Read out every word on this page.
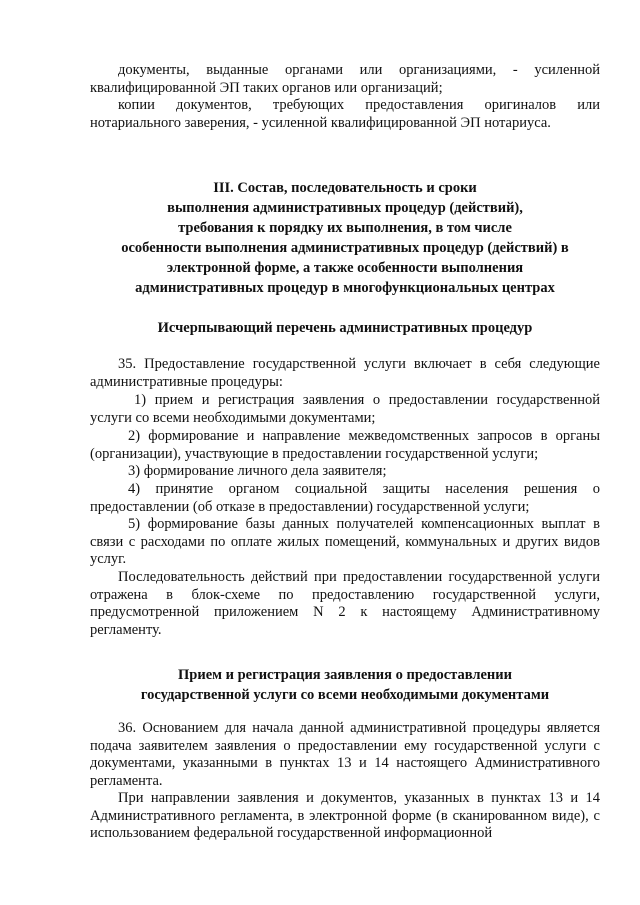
документы, выданные органами или организациями, - усиленной квалифицированной ЭП таких органов или организаций;

копии документов, требующих предоставления оригиналов или нотариального заверения, - усиленной квалифицированной ЭП нотариуса.

III. Состав, последовательность и сроки
выполнения административных процедур (действий),
требования к порядку их выполнения, в том числе
особенности выполнения административных процедур (действий) в
электронной форме, а также особенности выполнения
административных процедур в многофункциональных центрах
Исчерпывающий перечень административных процедур

35. Предоставление государственной услуги включает в себя следующие административные процедуры:

1) прием и регистрация заявления о предоставлении государственной услуги со всеми необходимыми документами;

2) формирование и направление межведомственных запросов в органы (организации), участвующие в предоставлении государственной услуги;

3) формирование личного дела заявителя;

4) принятие органом социальной защиты населения решения о предоставлении (об отказе в предоставлении) государственной услуги;

5) формирование базы данных получателей компенсационных выплат в связи с расходами по оплате жилых помещений, коммунальных и других видов услуг.

Последовательность действий при предоставлении государственной услуги отражена в блок-схеме по предоставлению государственной услуги, предусмотренной приложением N 2 к настоящему Административному регламенту.

Прием и регистрация заявления о предоставлении
государственной услуги со всеми необходимыми документами

36. Основанием для начала данной административной процедуры является подача заявителем заявления о предоставлении ему государственной услуги с документами, указанными в пунктах 13 и 14 настоящего Административного регламента.

При направлении заявления и документов, указанных в пунктах 13 и 14 Административного регламента, в электронной форме (в сканированном виде), с использованием федеральной государственной информационной
